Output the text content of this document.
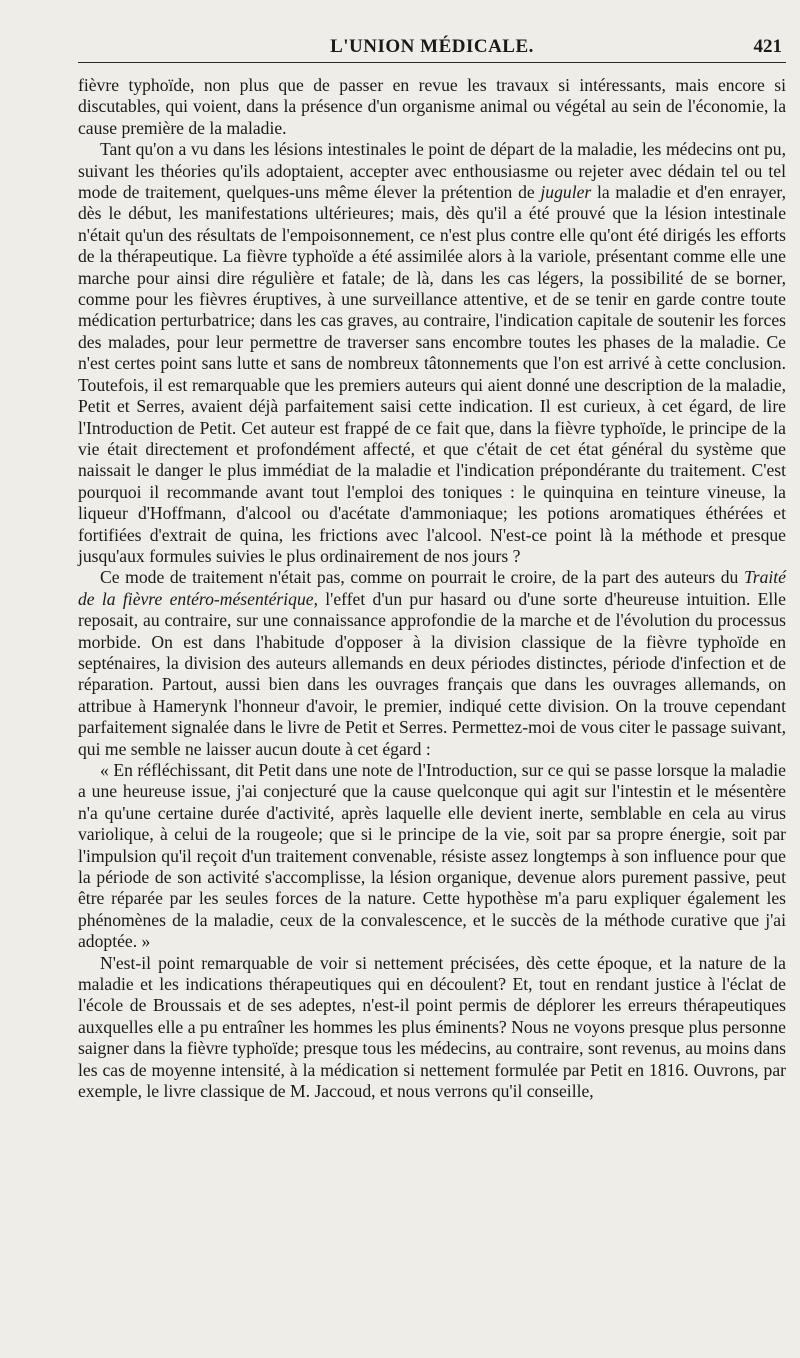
L'UNION MÉDICALE.	421

fièvre typhoïde, non plus que de passer en revue les travaux si intéressants, mais encore si discutables, qui voient, dans la présence d'un organisme animal ou végétal au sein de l'économie, la cause première de la maladie.

Tant qu'on a vu dans les lésions intestinales le point de départ de la maladie, les médecins ont pu, suivant les théories qu'ils adoptaient, accepter avec enthousiasme ou rejeter avec dédain tel ou tel mode de traitement, quelques-uns même élever la prétention de juguler la maladie et d'en enrayer, dès le début, les manifestations ultérieures; mais, dès qu'il a été prouvé que la lésion intestinale n'était qu'un des résultats de l'empoisonnement, ce n'est plus contre elle qu'ont été dirigés les efforts de la thérapeutique. La fièvre typhoïde a été assimilée alors à la variole, présentant comme elle une marche pour ainsi dire régulière et fatale; de là, dans les cas légers, la possibilité de se borner, comme pour les fièvres éruptives, à une surveillance attentive, et de se tenir en garde contre toute médication perturbatrice; dans les cas graves, au contraire, l'indication capitale de soutenir les forces des malades, pour leur permettre de traverser sans encombre toutes les phases de la maladie. Ce n'est certes point sans lutte et sans de nombreux tâtonnements que l'on est arrivé à cette conclusion. Toutefois, il est remarquable que les premiers auteurs qui aient donné une description de la maladie, Petit et Serres, avaient déjà parfaitement saisi cette indication. Il est curieux, à cet égard, de lire l'Introduction de Petit. Cet auteur est frappé de ce fait que, dans la fièvre typhoïde, le principe de la vie était directement et profondément affecté, et que c'était de cet état général du système que naissait le danger le plus immédiat de la maladie et l'indication prépondérante du traitement. C'est pourquoi il recommande avant tout l'emploi des toniques : le quinquina en teinture vineuse, la liqueur d'Hoffmann, d'alcool ou d'acétate d'ammoniaque; les potions aromatiques éthérées et fortifiées d'extrait de quina, les frictions avec l'alcool. N'est-ce point là la méthode et presque jusqu'aux formules suivies le plus ordinairement de nos jours ?

Ce mode de traitement n'était pas, comme on pourrait le croire, de la part des auteurs du Traité de la fièvre entéro-mésentérique, l'effet d'un pur hasard ou d'une sorte d'heureuse intuition. Elle reposait, au contraire, sur une connaissance approfondie de la marche et de l'évolution du processus morbide. On est dans l'habitude d'opposer à la division classique de la fièvre typhoïde en septénaires, la division des auteurs allemands en deux périodes distinctes, période d'infection et de réparation. Partout, aussi bien dans les ouvrages français que dans les ouvrages allemands, on attribue à Hamerynk l'honneur d'avoir, le premier, indiqué cette division. On la trouve cependant parfaitement signalée dans le livre de Petit et Serres. Permettez-moi de vous citer le passage suivant, qui me semble ne laisser aucun doute à cet égard :

« En réfléchissant, dit Petit dans une note de l'Introduction, sur ce qui se passe lorsque la maladie a une heureuse issue, j'ai conjecturé que la cause quelconque qui agit sur l'intestin et le mésentère n'a qu'une certaine durée d'activité, après laquelle elle devient inerte, semblable en cela au virus variolique, à celui de la rougeole; que si le principe de la vie, soit par sa propre énergie, soit par l'impulsion qu'il reçoit d'un traitement convenable, résiste assez longtemps à son influence pour que la période de son activité s'accomplisse, la lésion organique, devenue alors purement passive, peut être réparée par les seules forces de la nature. Cette hypothèse m'a paru expliquer également les phénomènes de la maladie, ceux de la convalescence, et le succès de la méthode curative que j'ai adoptée. »

N'est-il point remarquable de voir si nettement précisées, dès cette époque, et la nature de la maladie et les indications thérapeutiques qui en découlent? Et, tout en rendant justice à l'éclat de l'école de Broussais et de ses adeptes, n'est-il point permis de déplorer les erreurs thérapeutiques auxquelles elle a pu entraîner les hommes les plus éminents? Nous ne voyons presque plus personne saigner dans la fièvre typhoïde; presque tous les médecins, au contraire, sont revenus, au moins dans les cas de moyenne intensité, à la médication si nettement formulée par Petit en 1816. Ouvrons, par exemple, le livre classique de M. Jaccoud, et nous verrons qu'il conseille,
